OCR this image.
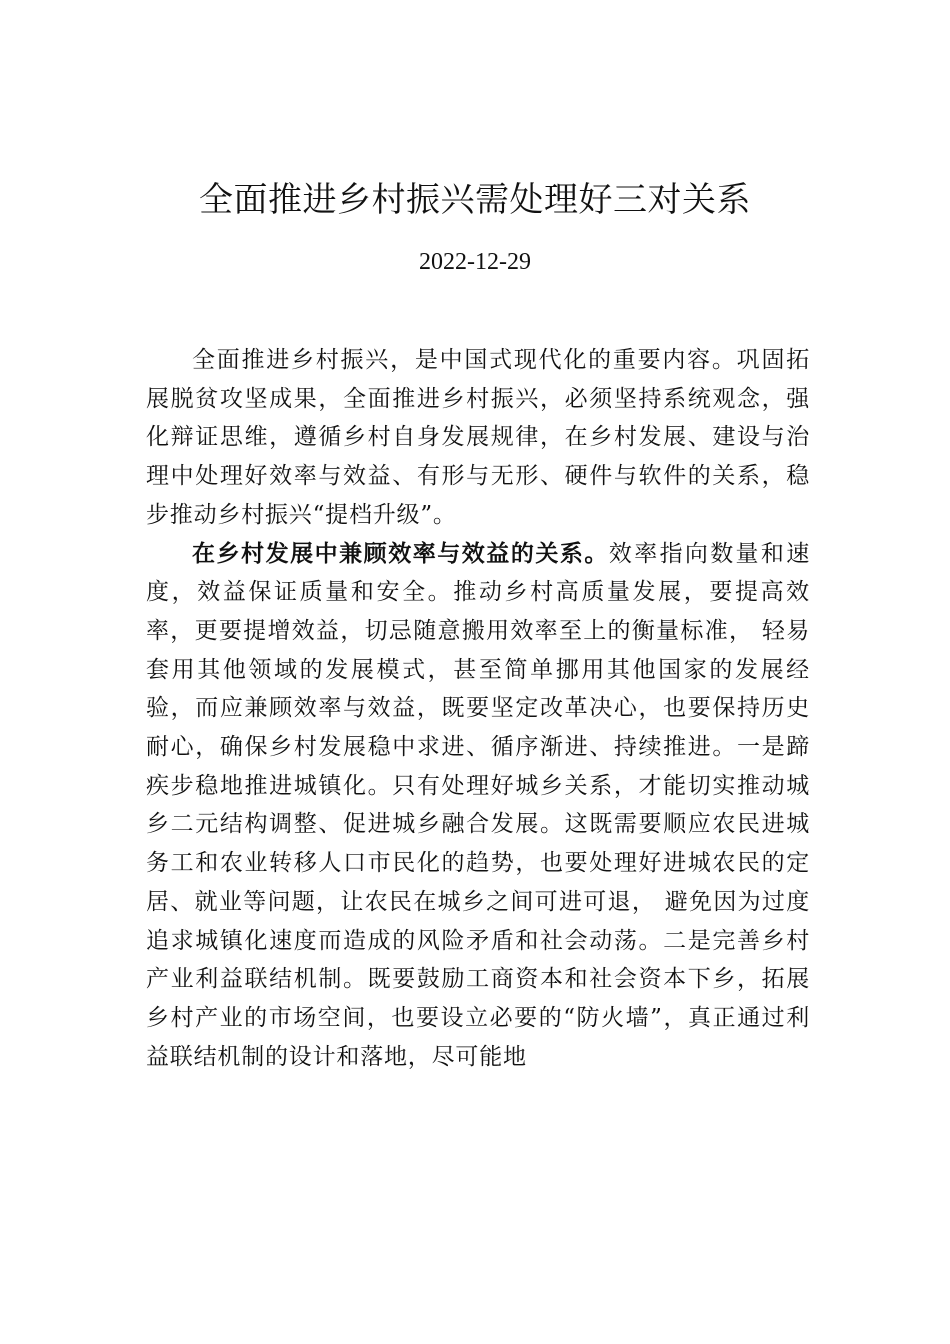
全面推进乡村振兴需处理好三对关系
2022-12-29

全面推进乡村振兴，是中国式现代化的重要内容。巩固拓展脱贫攻坚成果，全面推进乡村振兴，必须坚持系统观念，强化辩证思维，遵循乡村自身发展规律，在乡村发展、建设与治理中处理好效率与效益、有形与无形、硬件与软件的关系，稳步推动乡村振兴“提档升级”。

在乡村发展中兼顾效率与效益的关系。效率指向数量和速度，效益保证质量和安全。推动乡村高质量发展，要提高效率，更要提增效益，切忌随意搬用效率至上的衡量标准， 轻易套用其他领域的发展模式，甚至简单挪用其他国家的发展经验，而应兼顾效率与效益，既要坚定改革决心，也要保持历史耐心，确保乡村发展稳中求进、循序渐进、持续推进。一是蹄疾步稳地推进城镇化。只有处理好城乡关系，才能切实推动城乡二元结构调整、促进城乡融合发展。这既需要顺应农民进城务工和农业转移人口市民化的趋势，也要处理好进城农民的定居、就业等问题，让农民在城乡之间可进可退， 避免因为过度追求城镇化速度而造成的风险矛盾和社会动荡。二是完善乡村产业利益联结机制。既要鼓励工商资本和社会资本下乡，拓展乡村产业的市场空间，也要设立必要的“防火墙”，真正通过利益联结机制的设计和落地，尽可能地
